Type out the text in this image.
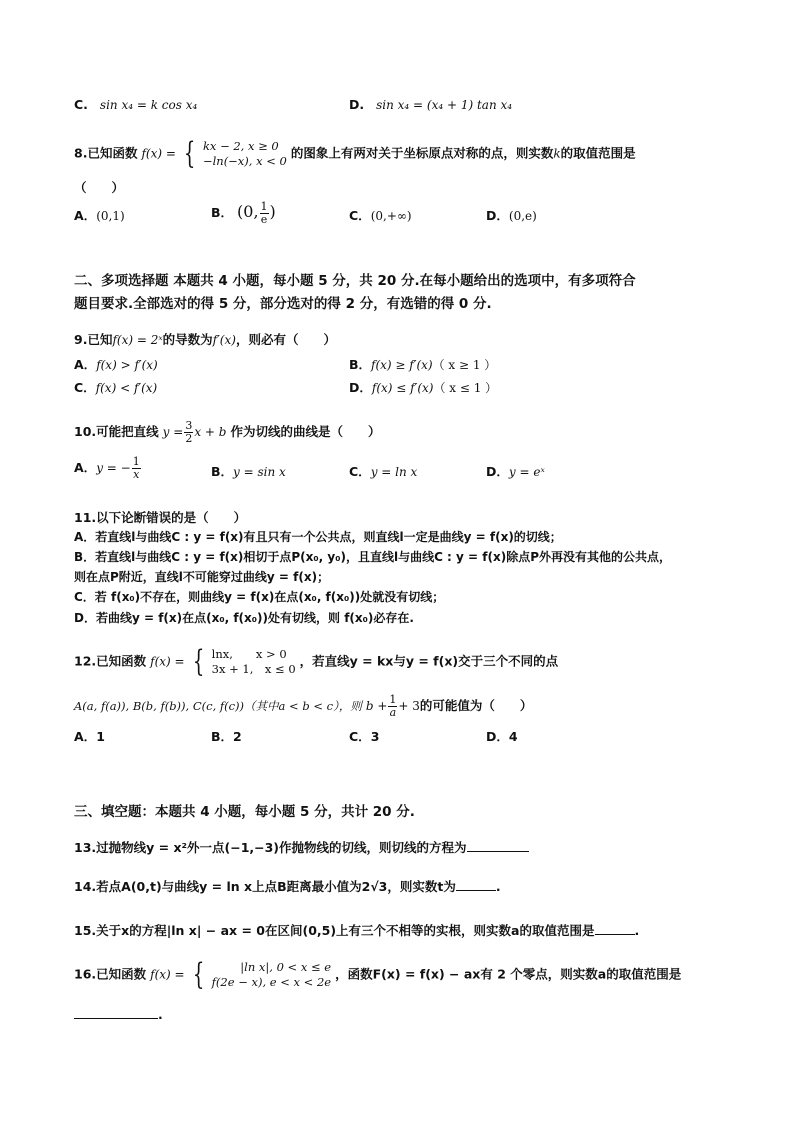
C. sin x₄ = k cos x₄	D. sin x₄ = (x₄ + 1) tan x₄
8.已知函数 f(x) = { kx − 2, x ≥ 0
−ln(−x), x < 0
的图象上有两对关于坐标原点对称的点，则实数k的取值范围是
（　　）
A．(0,1)	B． (0, $\frac{1}{e}$ )	C．(0,+∞)	D．(0,e)
二、多项选择题 本题共 4 小题，每小题 5 分，共 20 分.在每小题给出的选项中，有多项符合
题目要求.全部选对的得 5 分，部分选对的得 2 分，有选错的得 0 分.
9.已知f(x) = 2ˣ的导数为f′(x)，则必有（　　）
A．f(x) > f′(x)	B．f(x) ≥ f′(x)（ x ≥ 1 ）
C．f(x) < f′(x)	D．f(x) ≤ f′(x)（ x ≤ 1 ）
10.可能把直线 $y = \frac{3}{2}$ x + b 作为切线的曲线是（　　）
A．y = − $\frac{1}{x}$	B．y = sin x	C．y = ln x	D．y = eˣ
11.以下论断错误的是（　　）
A．若直线l与曲线C : y = f(x)有且只有一个公共点，则直线l一定是曲线y = f(x)的切线；
B．若直线l与曲线C : y = f(x)相切于点P(x₀, y₀)，且直线l与曲线C : y = f(x)除点P外再没有其他的公共点，
则在点P附近，直线l不可能穿过曲线y = f(x)；
C．若 f(x₀)不存在，则曲线y = f(x)在点(x₀, f(x₀))处就没有切线；
D．若曲线y = f(x)在点(x₀, f(x₀))处有切线，则 f(x₀)必存在.
12.已知函数 f(x) = { lnx,　　x > 0
3x + 1,　x ≤ 0
，若直线y = kx与y = f(x)交于三个不同的点
A(a, f(a)), B(b, f(b)), C(c, f(c))（其中a < b < c），则 $b + \frac{1}{a} + 3$的可能值为（　　）
A．1	B．2	C．3	D．4
三、填空题：本题共 4 小题，每小题 5 分，共计 20 分.
13.过抛物线y = x²外一点(−1,−3)作抛物线的切线，则切线的方程为
14.若点A(0,t)与曲线y = ln x上点B距离最小值为2√3，则实数t为	.
15.关于x的方程|ln x| − ax = 0在区间(0,5)上有三个不相等的实根，则实数a的取值范围是	.
16.已知函数 f(x) = {	|ln x|, 0 < x ≤ e
f(2e − x), e < x < 2e
，函数F(x) = f(x) − ax有 2 个零点，则实数a的取值范围是
.
